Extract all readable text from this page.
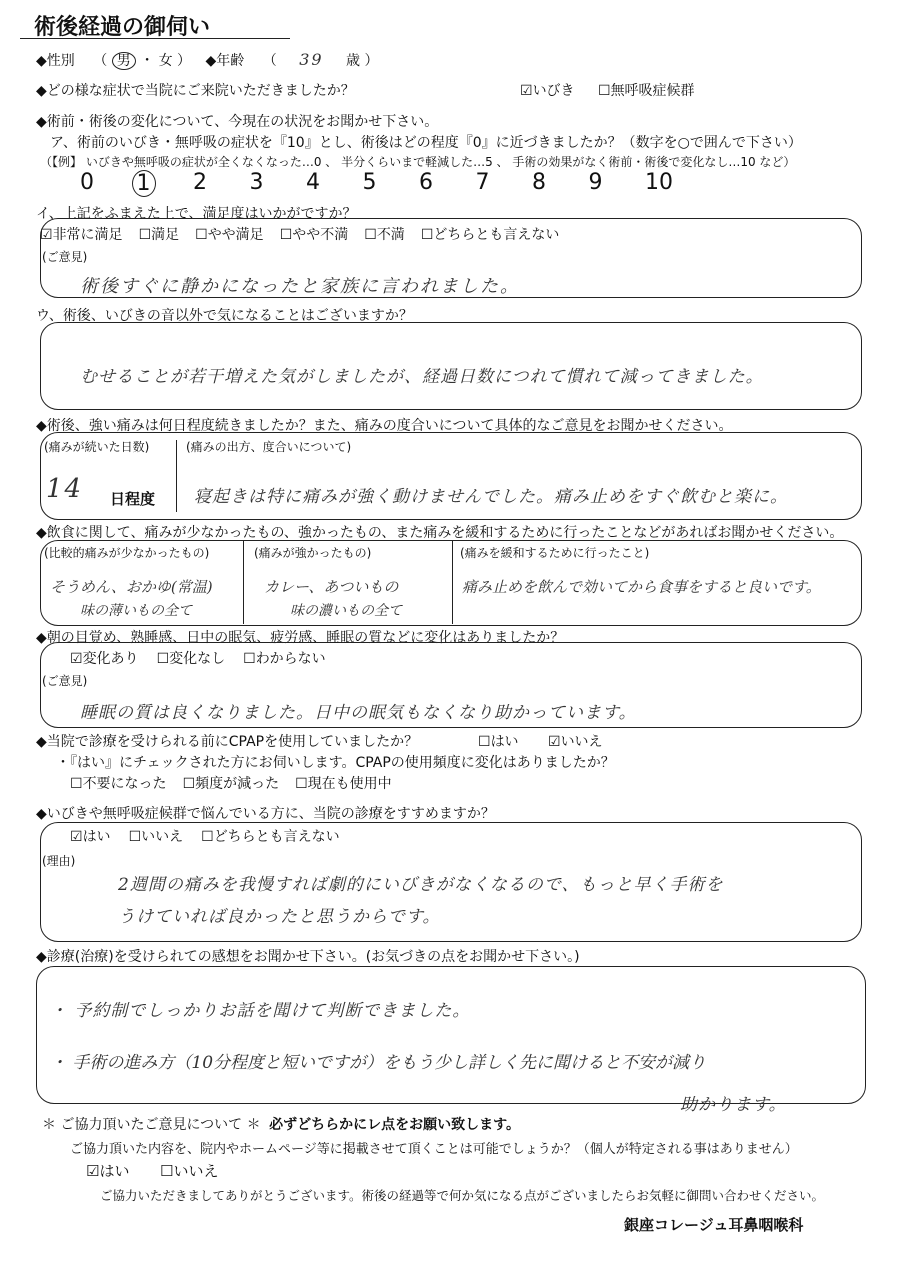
術後経過の御伺い
◆性別 （ 男 ・ 女 ） ◆年齢 （ 39 歳 ）
◆どの様な症状で当院にご来院いただきましたか？ ☑	いびき ☐	無呼吸症候群
◆術前・術後の変化について、今現在の状況をお聞かせ下さい。
ア、術前のいびき・無呼吸の症状を『10』とし、術後はどの程度『0』に近づきましたか？（数字を○で囲んで下さい）
（【例】 いびきや無呼吸の症状が全くなくなった…0 、 半分くらいまで軽減した…5 、 手術の効果がなく術前・術後で変化なし…10 など）
0 1 2 3 4 5 6 7 8 9 10
イ、上記をふまえた上で、満足度はいかがですか？
☑ 非常に満足 ☐ 満足 ☐ やや満足 ☐ やや不満 ☐ 不満 ☐ どちらとも言えない
(ご意見)
術後すぐに静かになったと家族に言われました。
ウ、術後、いびきの音以外で気になることはございますか？
むせることが若干増えた気がしましたが、経過日数につれて慣れて減ってきました。
◆術後、強い痛みは何日程度続きましたか？また、痛みの度合いについて具体的なご意見をお聞かせください。
(痛みが続いた日数)
14 日程度
(痛みの出方、度合いについて)
寝起きは特に痛みが強く動けませんでした。痛み止めをすぐ飲むと楽に。
◆飲食に関して、痛みが少なかったもの、強かったもの、また痛みを緩和するために行ったことなどがあればお聞かせください。
(比較的痛みが少なかったもの)
そうめん、おかゆ(常温)
味の薄いもの全て
(痛みが強かったもの)
カレー、あついもの
味の濃いもの全て
(痛みを緩和するために行ったこと)
痛み止めを飲んで効いてから食事をすると良いです。
◆朝の目覚め、熟睡感、日中の眠気、疲労感、睡眠の質などに変化はありましたか？
☑ 変化あり ☐ 変化なし ☐ わからない
(ご意見)
睡眠の質は良くなりました。日中の眠気もなくなり助かっています。
◆当院で診療を受けられる前にCPAPを使用していましたか？ ☐	はい ☑	いいえ
・『はい』にチェックされた方にお伺いします。CPAPの使用頻度に変化はありましたか？
☐ 不要になった ☐ 頻度が減った ☐ 現在も使用中
◆いびきや無呼吸症候群で悩んでいる方に、当院の診療をすすめますか？
☑ はい ☐ いいえ ☐ どちらとも言えない
(理由)
2週間の痛みを我慢すれば劇的にいびきがなくなるので、もっと早く手術を
うけていれば良かったと思うからです。
◆診療(治療)を受けられての感想をお聞かせ下さい。(お気づきの点をお聞かせ下さい。)
・ 予約制でしっかりお話を聞けて判断できました。
・ 手術の進み方（10分程度と短いですが）をもう少し詳しく先に聞けると不安が減り
助かります。
＊ ご協力頂いたご意見について ＊ 必ずどちらかにレ点をお願い致します。
ご協力頂いた内容を、院内やホームページ等に掲載させて頂くことは可能でしょうか？（個人が特定される事はありません）
☑ はい ☐	いいえ
ご協力いただきましてありがとうございます。術後の経過等で何か気になる点がございましたらお気軽に御問い合わせください。
銀座コレージュ耳鼻咽喉科
